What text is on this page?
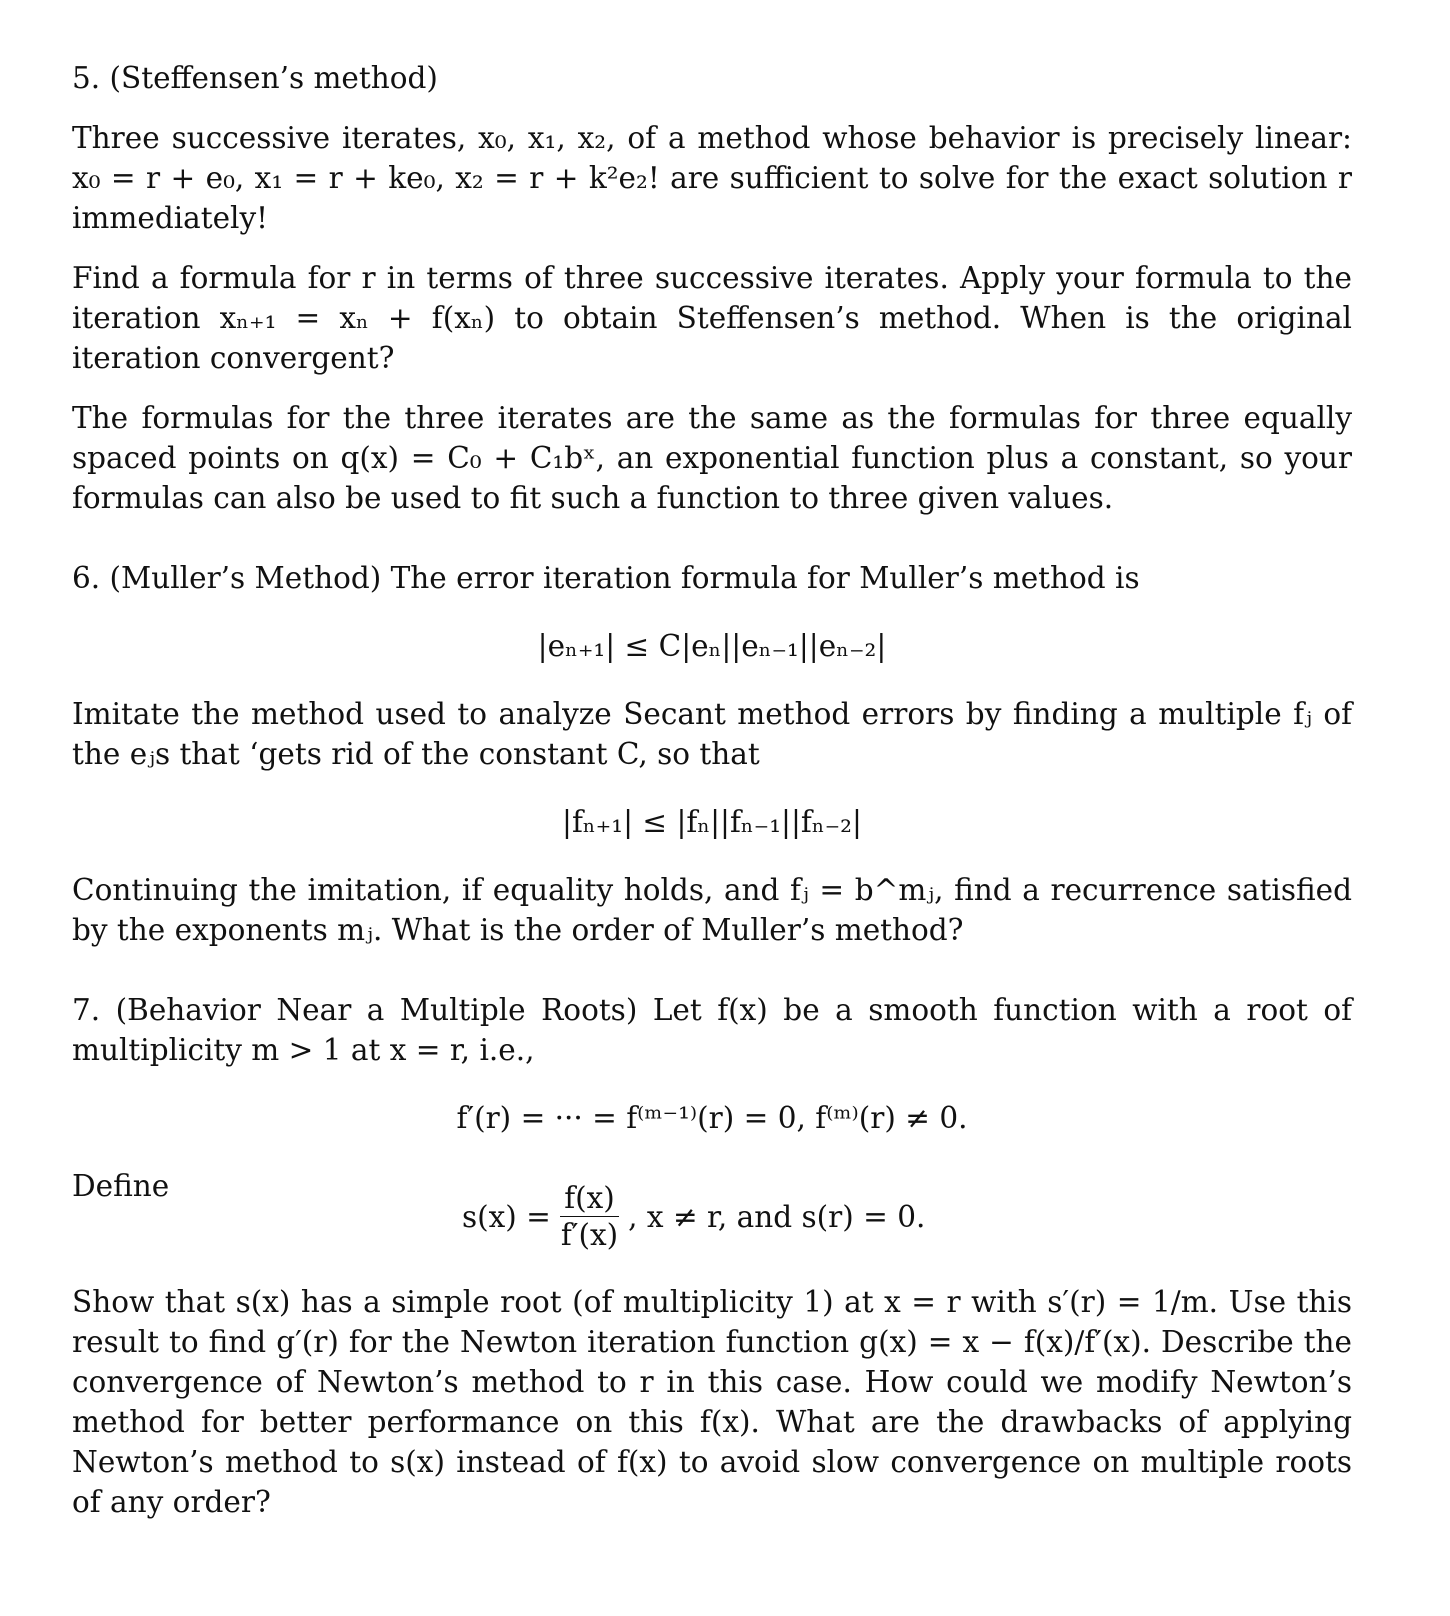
5. (Steffensen’s method)

Three successive iterates, x₀, x₁, x₂, of a method whose behavior is precisely linear: x₀ = r + e₀, x₁ = r + ke₀, x₂ = r + k²e₂! are sufficient to solve for the exact solution r immediately!

Find a formula for r in terms of three successive iterates. Apply your formula to the iteration xₙ₊₁ = xₙ + f(xₙ) to obtain Steffensen’s method. When is the original iteration convergent?

The formulas for the three iterates are the same as the formulas for three equally spaced points on q(x) = C₀ + C₁bˣ, an exponential function plus a constant, so your formulas can also be used to fit such a function to three given values.

6. (Muller’s Method) The error iteration formula for Muller’s method is

|eₙ₊₁| ≤ C|eₙ||eₙ₋₁||eₙ₋₂|

Imitate the method used to analyze Secant method errors by finding a multiple fⱼ of the eⱼs that ‘gets rid of the constant C, so that

|fₙ₊₁| ≤ |fₙ||fₙ₋₁||fₙ₋₂|

Continuing the imitation, if equality holds, and fⱼ = b^mⱼ, find a recurrence satisfied by the exponents mⱼ. What is the order of Muller’s method?

7. (Behavior Near a Multiple Roots) Let f(x) be a smooth function with a root of multiplicity m > 1 at x = r, i.e.,

f′(r) = ··· = f⁽ᵐ⁻¹⁾(r) = 0, f⁽ᵐ⁾(r) ≠ 0.

Define
$s(x) = \frac{f(x)}{f'(x)}$ , x ≠ r, and s(r) = 0.

Show that s(x) has a simple root (of multiplicity 1) at x = r with s′(r) = 1/m. Use this result to find g′(r) for the Newton iteration function g(x) = x − f(x)/f′(x). Describe the convergence of Newton’s method to r in this case. How could we modify Newton’s method for better performance on this f(x). What are the drawbacks of applying Newton’s method to s(x) instead of f(x) to avoid slow convergence on multiple roots of any order?
